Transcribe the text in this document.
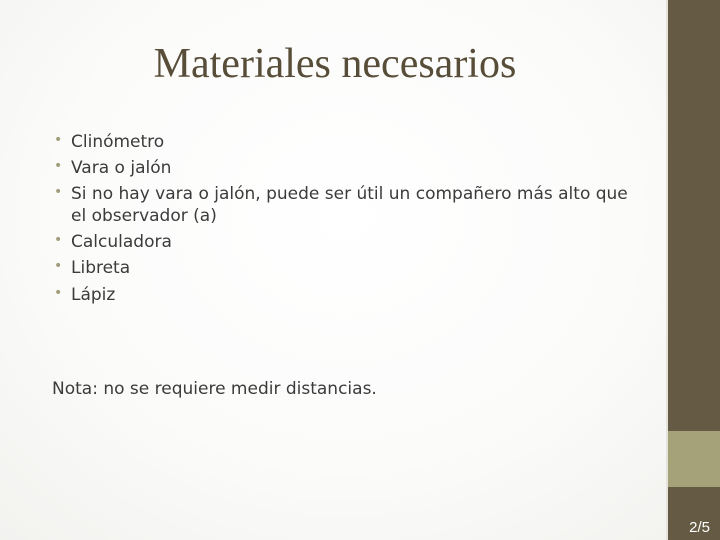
Materiales necesarios
• Clinómetro
• Vara o jalón
• Si no hay vara o jalón, puede ser útil un compañero más alto que el observador (a)
• Calculadora
• Libreta
• Lápiz
Nota: no se requiere medir distancias.
2/5
